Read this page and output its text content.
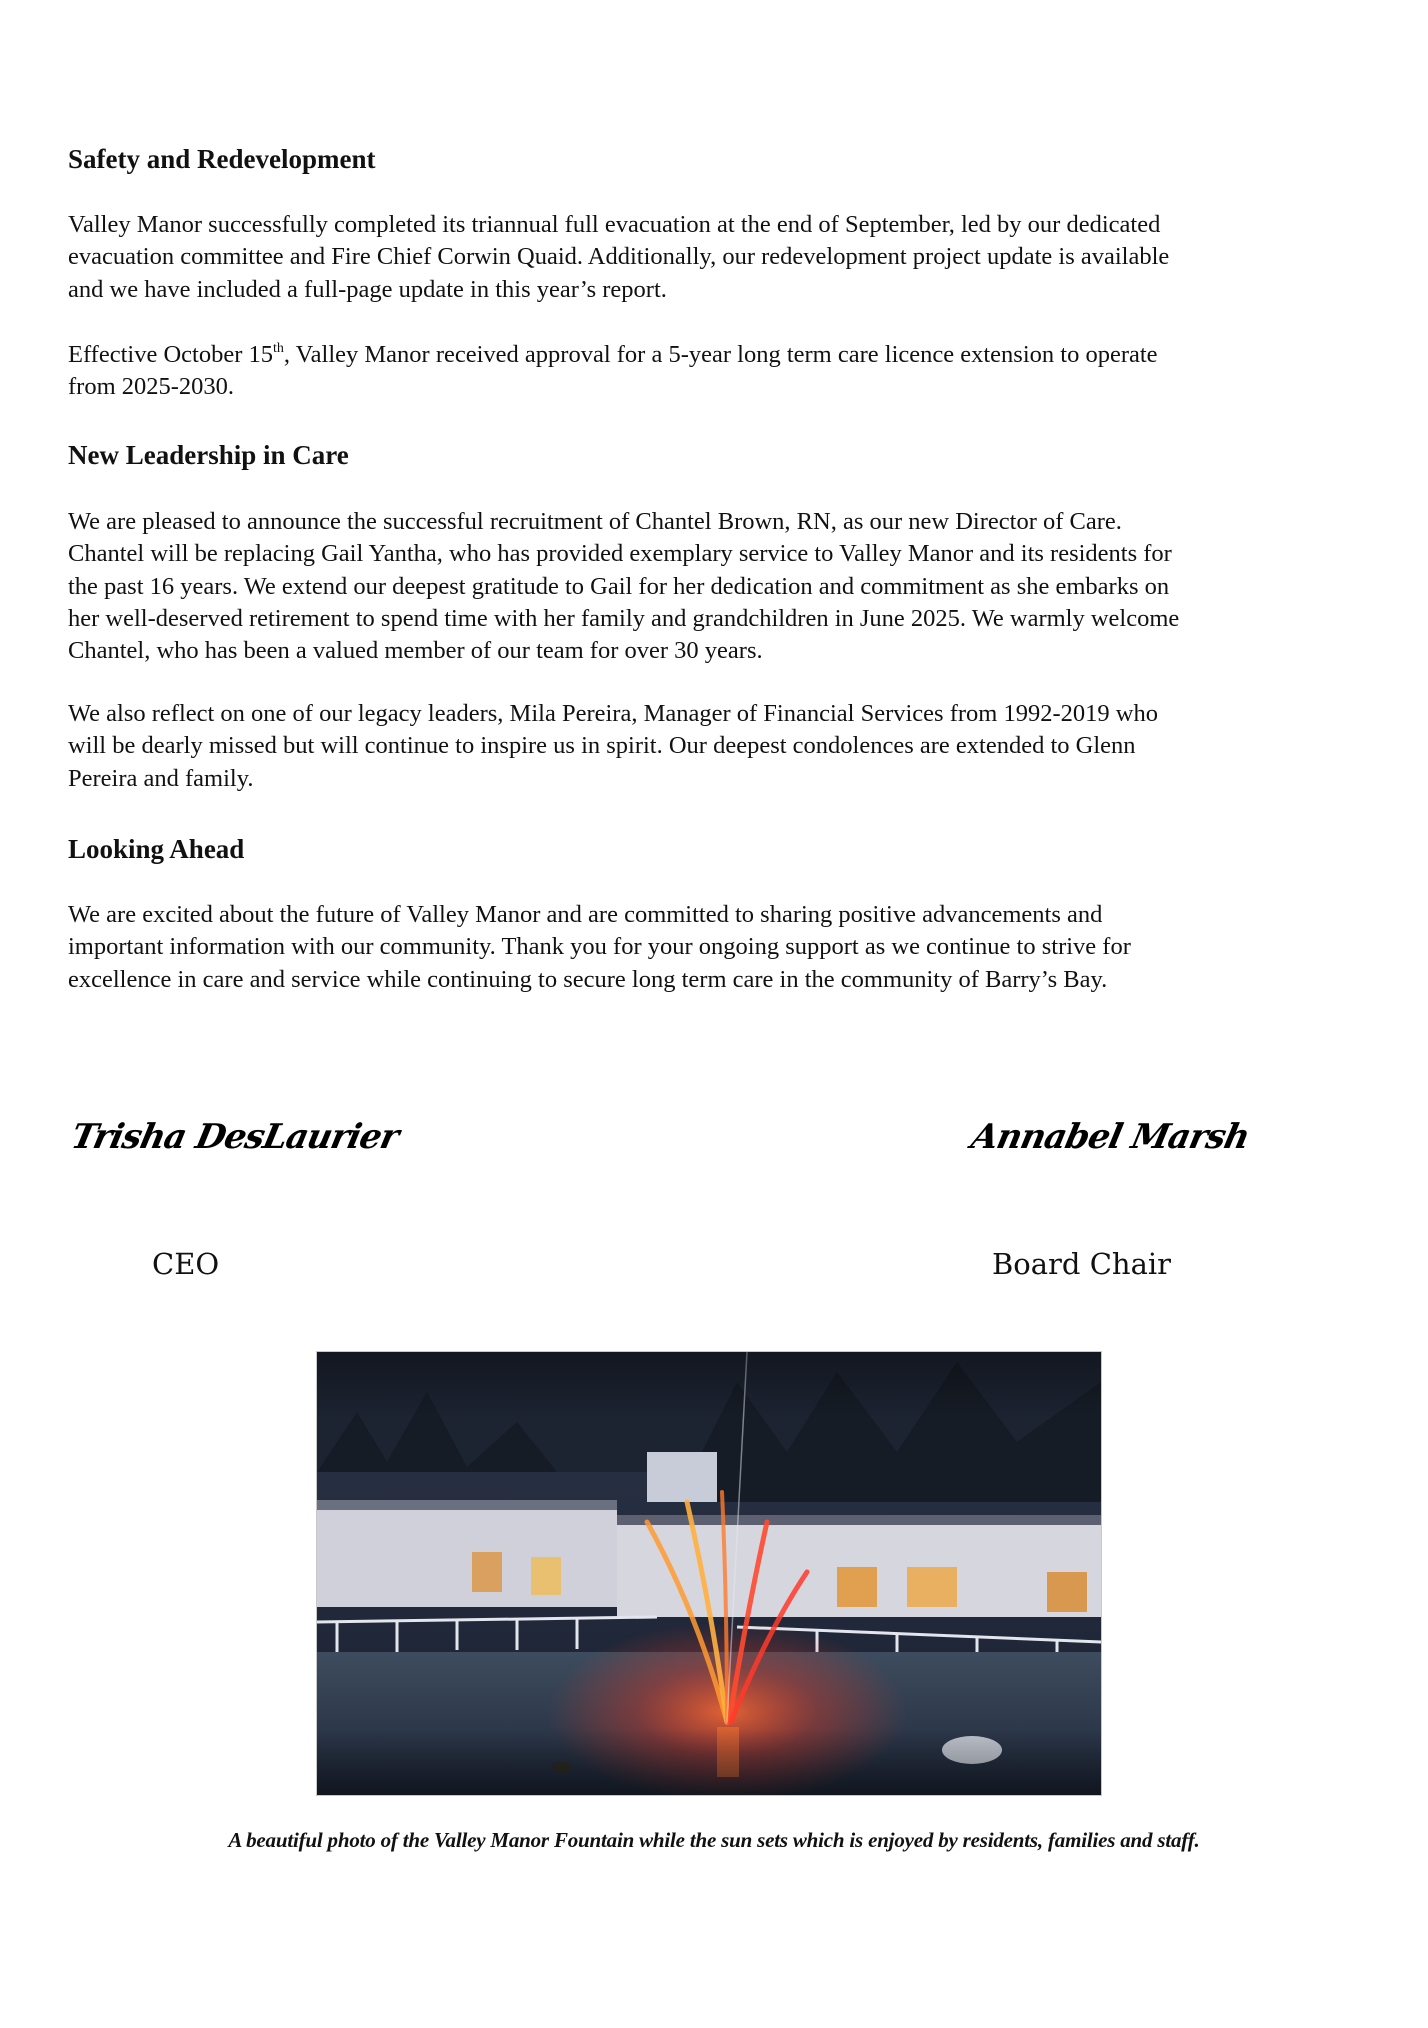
Safety and Redevelopment

Valley Manor successfully completed its triannual full evacuation at the end of September, led by our dedicated
evacuation committee and Fire Chief Corwin Quaid. Additionally, our redevelopment project update is available
and we have included a full-page update in this year’s report.

Effective October 15th, Valley Manor received approval for a 5-year long term care licence extension to operate
from 2025-2030.

New Leadership in Care

We are pleased to announce the successful recruitment of Chantel Brown, RN, as our new Director of Care.
Chantel will be replacing Gail Yantha, who has provided exemplary service to Valley Manor and its residents for
the past 16 years. We extend our deepest gratitude to Gail for her dedication and commitment as she embarks on
her well-deserved retirement to spend time with her family and grandchildren in June 2025. We warmly welcome
Chantel, who has been a valued member of our team for over 30 years.

We also reflect on one of our legacy leaders, Mila Pereira, Manager of Financial Services from 1992-2019 who
will be dearly missed but will continue to inspire us in spirit. Our deepest condolences are extended to Glenn
Pereira and family.

Looking Ahead

We are excited about the future of Valley Manor and are committed to sharing positive advancements and
important information with our community. Thank you for your ongoing support as we continue to strive for
excellence in care and service while continuing to secure long term care in the community of Barry’s Bay.

Trisha DesLaurier
CEO
Annabel Marsh
Board Chair
A beautiful photo of the Valley Manor Fountain while the sun sets which is enjoyed by residents, families and staff.
